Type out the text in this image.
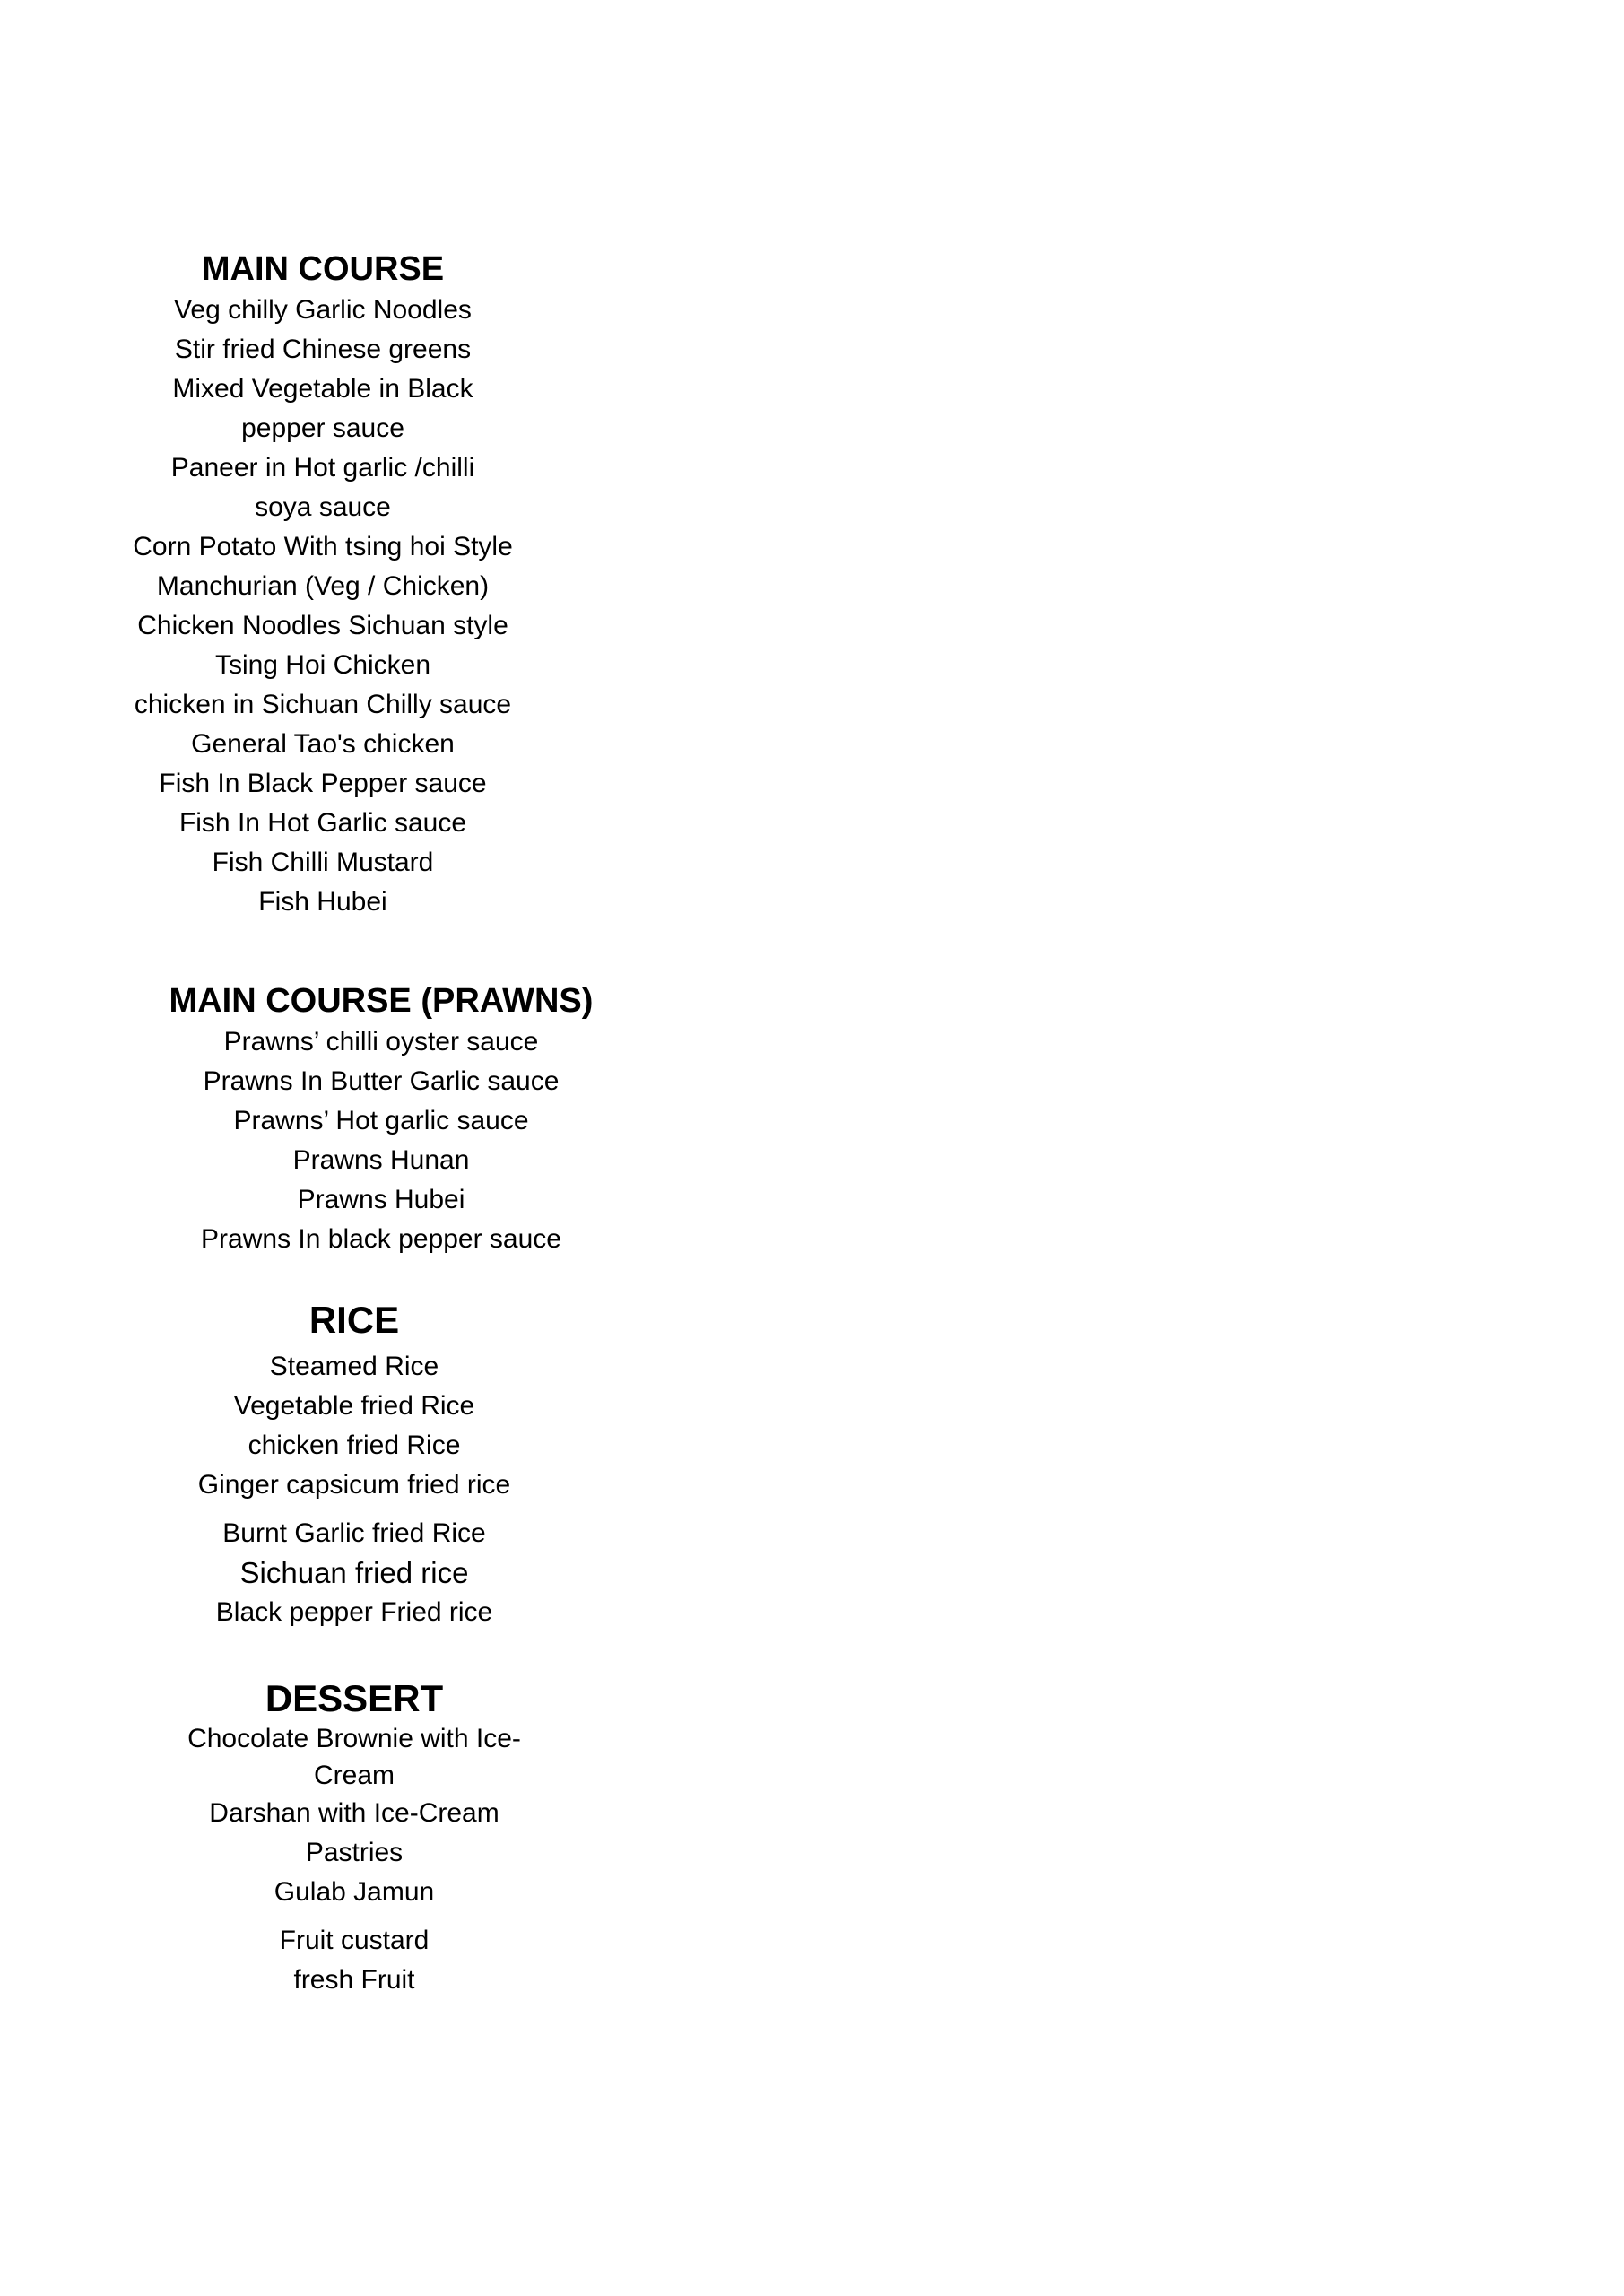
MAIN COURSE
Veg chilly Garlic Noodles
Stir fried Chinese greens
Mixed Vegetable in Black pepper sauce
Paneer in Hot garlic /chilli soya sauce
Corn Potato With tsing hoi Style
Manchurian (Veg / Chicken)
Chicken Noodles Sichuan style
Tsing Hoi Chicken
chicken in Sichuan Chilly sauce
General Tao's chicken
Fish In Black Pepper sauce
Fish In Hot Garlic sauce
Fish Chilli Mustard
Fish Hubei
MAIN COURSE (PRAWNS)
Prawns’ chilli oyster sauce
Prawns In Butter Garlic sauce
Prawns’ Hot garlic sauce
Prawns Hunan
Prawns Hubei
Prawns In black pepper sauce
RICE
Steamed Rice
Vegetable fried Rice
chicken fried Rice
Ginger capsicum fried rice
Burnt Garlic fried Rice
Sichuan fried rice
Black pepper Fried rice
DESSERT
Chocolate Brownie with Ice-Cream
Darshan with Ice-Cream
Pastries
Gulab Jamun
Fruit custard
fresh Fruit
